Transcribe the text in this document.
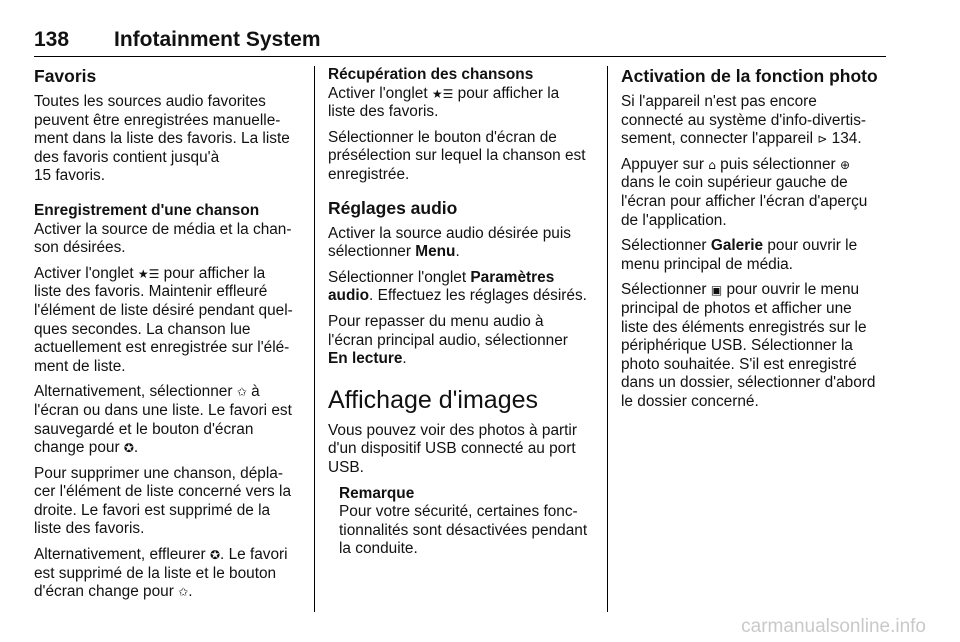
138 Infotainment System
Favoris

Toutes les sources audio favorites
peuvent être enregistrées manuelle-
ment dans la liste des favoris. La liste
des favoris contient jusqu'à
15 favoris.

Enregistrement d'une chanson

Activer la source de média et la chan-
son désirées.

Activer l'onglet ★☰ pour afficher la
liste des favoris. Maintenir effleuré
l'élément de liste désiré pendant quel-
ques secondes. La chanson lue
actuellement est enregistrée sur l'élé-
ment de liste.

Alternativement, sélectionner ✩ à
l'écran ou dans une liste. Le favori est
sauvegardé et le bouton d'écran
change pour ✪.

Pour supprimer une chanson, dépla-
cer l'élément de liste concerné vers la
droite. Le favori est supprimé de la
liste des favoris.

Alternativement, effleurer ✪. Le favori
est supprimé de la liste et le bouton
d'écran change pour ✩.

Récupération des chansons

Activer l'onglet ★☰ pour afficher la
liste des favoris.

Sélectionner le bouton d'écran de
présélection sur lequel la chanson est
enregistrée.

Réglages audio

Activer la source audio désirée puis
sélectionner Menu.

Sélectionner l'onglet Paramètres
audio. Effectuez les réglages désirés.

Pour repasser du menu audio à
l'écran principal audio, sélectionner
En lecture.

Affichage d'images

Vous pouvez voir des photos à partir
d'un dispositif USB connecté au port
USB.

Remarque
Pour votre sécurité, certaines fonc-
tionnalités sont désactivées pendant
la conduite.
Activation de la fonction photo

Si l'appareil n'est pas encore
connecté au système d'info-divertis-
sement, connecter l'appareil ⊳ 134.

Appuyer sur ⌂ puis sélectionner ⊕
dans le coin supérieur gauche de
l'écran pour afficher l'écran d'aperçu
de l'application.

Sélectionner Galerie pour ouvrir le
menu principal de média.

Sélectionner ▣ pour ouvrir le menu
principal de photos et afficher une
liste des éléments enregistrés sur le
périphérique USB. Sélectionner la
photo souhaitée. S'il est enregistré
dans un dossier, sélectionner d'abord
le dossier concerné.

carmanualsonline.info
